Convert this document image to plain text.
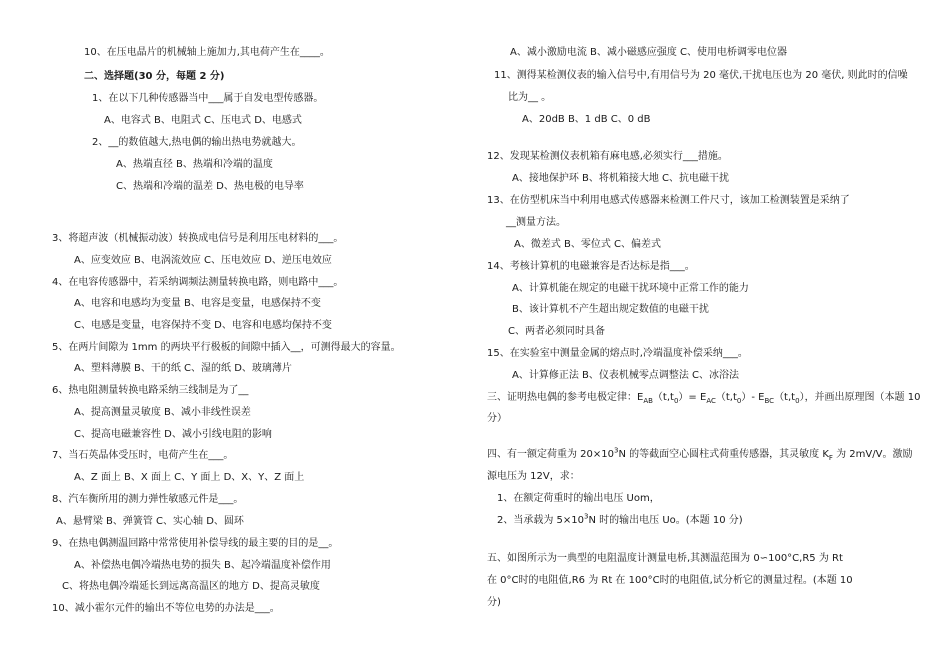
10、在压电晶片的机械轴上施加力,其电荷产生在____。
二、选择题(30 分，每题 2 分)
1、在以下几种传感器当中___属于自发电型传感器。
A、电容式 B、电阻式 C、压电式 D、电感式
2、__的数值越大,热电偶的输出热电势就越大。
A、热端直径 B、热端和冷端的温度
C、热端和冷端的温差 D、热电极的电导率
3、将超声波（机械振动波）转换成电信号是利用压电材料的___。
A、应变效应 B、电涡流效应 C、压电效应 D、逆压电效应
4、在电容传感器中，若采纳调频法测量转换电路，则电路中___。
A、电容和电感均为变量 B、电容是变量，电感保持不变
C、电感是变量，电容保持不变 D、电容和电感均保持不变
5、在两片间隙为 1mm 的两块平行极板的间隙中插入__，可测得最大的容量。
A、塑料薄膜 B、干的纸 C、湿的纸 D、玻璃薄片
6、热电阻测量转换电路采纳三线制是为了__
A、提高测量灵敏度 B、减小非线性误差
C、提高电磁兼容性 D、减小引线电阻的影响
7、当石英晶体受压时，电荷产生在___。
A、Z 面上 B、X 面上 C、Y 面上 D、X、Y、Z 面上
8、汽车衡所用的测力弹性敏感元件是___。
A、悬臂梁 B、弹簧管 C、实心轴 D、圆环
9、在热电偶测温回路中常常使用补偿导线的最主要的目的是__。
A、补偿热电偶冷端热电势的损失 B、起冷端温度补偿作用
C、将热电偶冷端延长到远离高温区的地方 D、提高灵敏度
10、减小霍尔元件的输出不等位电势的办法是___。
A、减小激励电流 B、减小磁感应强度 C、使用电桥调零电位器
11、测得某检测仪表的输入信号中,有用信号为 20 毫伏,干扰电压也为 20 毫伏, 则此时的信噪
比为__ 。
A、20dB B、1 dB C、0 dB
12、发现某检测仪表机箱有麻电感,必须实行___措施。
A、接地保护环 B、将机箱接大地 C、抗电磁干扰
13、在仿型机床当中利用电感式传感器来检测工件尺寸，该加工检测装置是采纳了
__测量方法。
A、微差式 B、零位式 C、偏差式
14、考核计算机的电磁兼容是否达标是指___。
A、计算机能在规定的电磁干扰环境中正常工作的能力
B、该计算机不产生超出规定数值的电磁干扰
C、两者必须同时具备
15、在实验室中测量金属的熔点时,冷端温度补偿采纳___。
A、计算修正法 B、仪表机械零点调整法 C、冰浴法
三、证明热电偶的参考电极定律：$E_{AB}(t,t_0)= E_{AC}(t,t_0)-$ $E_{BC}(t,t_0)$，并画出原理图（本题 10
分）
四、有一额定荷重为 $20\times 10^3N$ 的等截面空心圆柱式荷重传感器，其灵敏度 $K_F$ 为 2mV/V。激励
源电压为 12V，求：
1、在额定荷重时的输出电压 Uom，
2、当承载为 $5\times 10^3N$ 时的输出电压 Uo。(本题 10 分)
五、如图所示为一典型的电阻温度计测量电桥,其测温范围为 0∽100°C,R5 为 Rt
在 0°C时的电阻值,R6 为 Rt 在 100°C时的电阻值,试分析它的测量过程。(本题 10
分)
